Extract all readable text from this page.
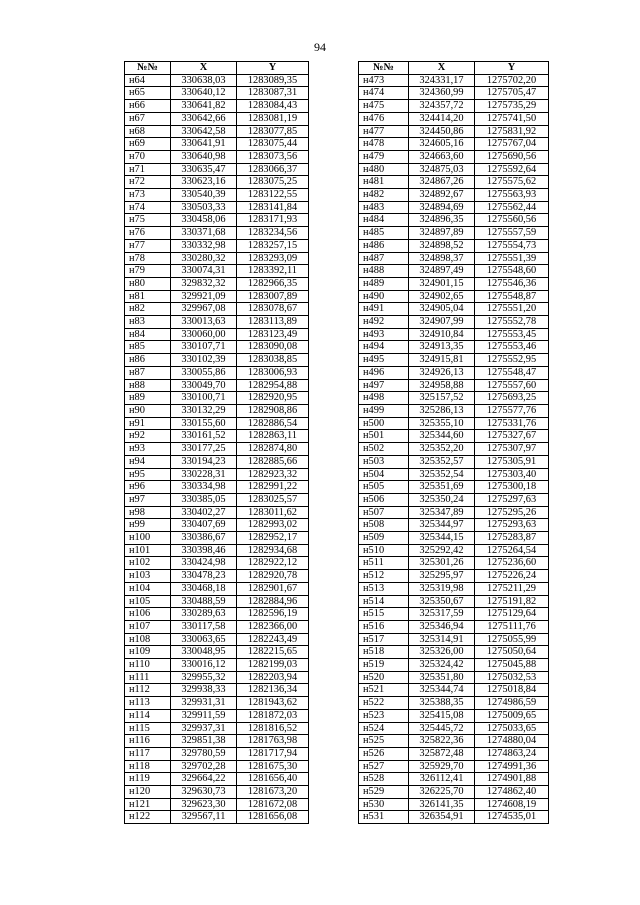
94
№№	X	Y
н64	330638,03	1283089,35
н65	330640,12	1283087,31
н66	330641,82	1283084,43
н67	330642,66	1283081,19
н68	330642,58	1283077,85
н69	330641,91	1283075,44
н70	330640,98	1283073,56
н71	330635,47	1283066,37
н72	330623,16	1283075,25
н73	330540,39	1283122,55
н74	330503,33	1283141,84
н75	330458,06	1283171,93
н76	330371,68	1283234,56
н77	330332,98	1283257,15
н78	330280,32	1283293,09
н79	330074,31	1283392,11
н80	329832,32	1282966,35
н81	329921,09	1283007,89
н82	329967,08	1283078,67
н83	330013,63	1283113,89
н84	330060,00	1283123,49
н85	330107,71	1283090,08
н86	330102,39	1283038,85
н87	330055,86	1283006,93
н88	330049,70	1282954,88
н89	330100,71	1282920,95
н90	330132,29	1282908,86
н91	330155,60	1282886,54
н92	330161,52	1282863,11
н93	330177,25	1282874,80
н94	330194,23	1282885,66
н95	330228,31	1282923,32
н96	330334,98	1282991,22
н97	330385,05	1283025,57
н98	330402,27	1283011,62
н99	330407,69	1282993,02
н100	330386,67	1282952,17
н101	330398,46	1282934,68
н102	330424,98	1282922,12
н103	330478,23	1282920,78
н104	330468,18	1282901,67
н105	330488,59	1282884,96
н106	330289,63	1282596,19
н107	330117,58	1282366,00
н108	330063,65	1282243,49
н109	330048,95	1282215,65
н110	330016,12	1282199,03
н111	329955,32	1282203,94
н112	329938,33	1282136,34
н113	329931,31	1281943,62
н114	329911,59	1281872,03
н115	329937,31	1281816,52
н116	329851,38	1281763,98
н117	329780,59	1281717,94
н118	329702,28	1281675,30
н119	329664,22	1281656,40
н120	329630,73	1281673,20
н121	329623,30	1281672,08
н122	329567,11	1281656,08
№№	X	Y
н473	324331,17	1275702,20
н474	324360,99	1275705,47
н475	324357,72	1275735,29
н476	324414,20	1275741,50
н477	324450,86	1275831,92
н478	324605,16	1275767,04
н479	324663,60	1275690,56
н480	324875,03	1275592,64
н481	324867,26	1275575,62
н482	324892,67	1275563,93
н483	324894,69	1275562,44
н484	324896,35	1275560,56
н485	324897,89	1275557,59
н486	324898,52	1275554,73
н487	324898,37	1275551,39
н488	324897,49	1275548,60
н489	324901,15	1275546,36
н490	324902,65	1275548,87
н491	324905,04	1275551,20
н492	324907,99	1275552,78
н493	324910,84	1275553,45
н494	324913,35	1275553,46
н495	324915,81	1275552,95
н496	324926,13	1275548,47
н497	324958,88	1275557,60
н498	325157,52	1275693,25
н499	325286,13	1275577,76
н500	325355,10	1275331,76
н501	325344,60	1275327,67
н502	325352,20	1275307,97
н503	325352,57	1275305,91
н504	325352,54	1275303,40
н505	325351,69	1275300,18
н506	325350,24	1275297,63
н507	325347,89	1275295,26
н508	325344,97	1275293,63
н509	325344,15	1275283,87
н510	325292,42	1275264,54
н511	325301,26	1275236,60
н512	325295,97	1275226,24
н513	325319,98	1275211,29
н514	325350,67	1275191,82
н515	325317,59	1275129,64
н516	325346,94	1275111,76
н517	325314,91	1275055,99
н518	325326,00	1275050,64
н519	325324,42	1275045,88
н520	325351,80	1275032,53
н521	325344,74	1275018,84
н522	325388,35	1274986,59
н523	325415,08	1275009,65
н524	325445,72	1275033,65
н525	325822,36	1274880,04
н526	325872,48	1274863,24
н527	325929,70	1274991,36
н528	326112,41	1274901,88
н529	326225,70	1274862,40
н530	326141,35	1274608,19
н531	326354,91	1274535,01
